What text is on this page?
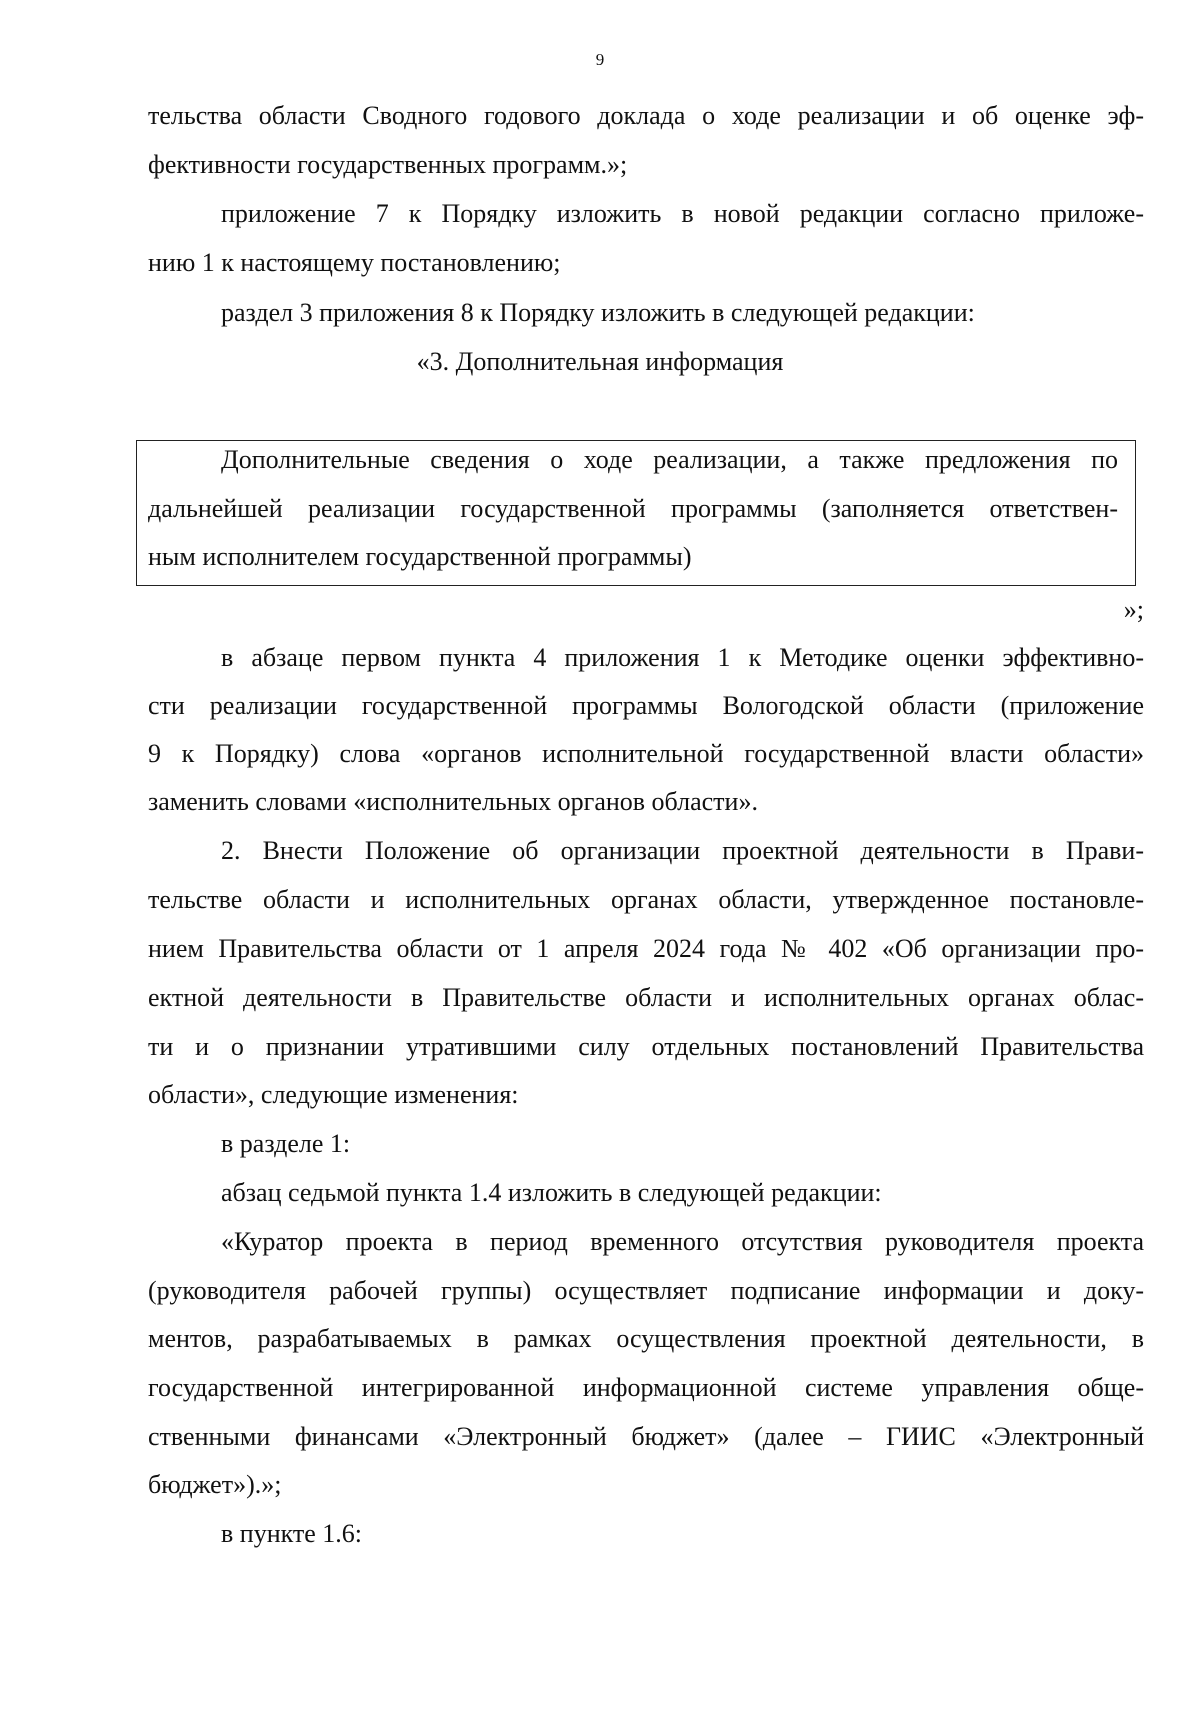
9
тельства области Сводного годового доклада о ходе реализации и об оценке эф-
фективности государственных программ.»;
приложение 7 к Порядку изложить в новой редакции согласно приложе-
нию 1 к настоящему постановлению;
раздел 3 приложения 8 к Порядку изложить в следующей редакции:
«3. Дополнительная информация
Дополнительные сведения о ходе реализации, а также предложения по
дальнейшей реализации государственной программы (заполняется ответствен-
ным исполнителем государственной программы)
»;
в абзаце первом пункта 4 приложения 1 к Методике оценки эффективно-
сти реализации государственной программы Вологодской области (приложение
9 к Порядку) слова «органов исполнительной государственной власти области»
заменить словами «исполнительных органов области».
2. Внести Положение об организации проектной деятельности в Прави-
тельстве области и исполнительных органах области, утвержденное постановле-
нием Правительства области от 1 апреля 2024 года № 402 «Об организации про-
ектной деятельности в Правительстве области и исполнительных органах облас-
ти и о признании утратившими силу отдельных постановлений Правительства
области», следующие изменения:
в разделе 1:
абзац седьмой пункта 1.4 изложить в следующей редакции:
«Куратор проекта в период временного отсутствия руководителя проекта
(руководителя рабочей группы) осуществляет подписание информации и доку-
ментов, разрабатываемых в рамках осуществления проектной деятельности, в
государственной интегрированной информационной системе управления обще-
ственными финансами «Электронный бюджет» (далее – ГИИС «Электронный
бюджет»).»;
в пункте 1.6:
